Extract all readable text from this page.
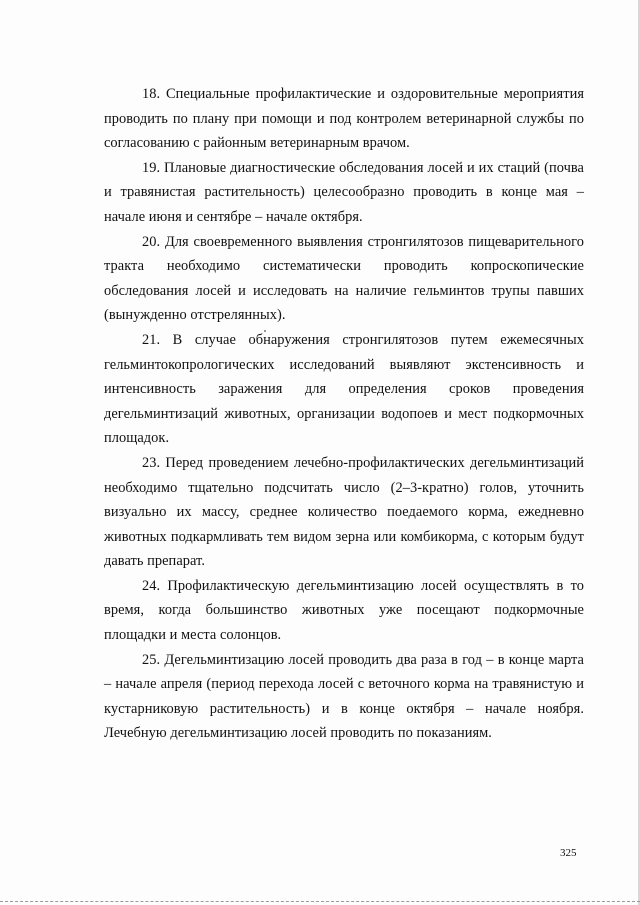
18. Специальные профилактические и оздоровительные мероприятия проводить по плану при помощи и под контролем ветеринарной службы по согласованию с районным ветеринарным врачом.

19. Плановые диагностические обследования лосей и их стаций (почва и травянистая растительность) целесообразно проводить в конце мая – начале июня и сентябре – начале октября.

20. Для своевременного выявления стронгилятозов пищеварительного тракта необходимо систематически проводить копроскопические обследования лосей и исследовать на наличие гельминтов трупы павших (вынужденно отстрелянных).

21. В случае обнаружения стронгилятозов путем ежемесячных гельминтокопрологических исследований выявляют экстенсивность и интенсивность заражения для определения сроков проведения дегельминтизаций животных, организации водопоев и мест подкормочных площадок.

23. Перед проведением лечебно-профилактических дегельминтизаций необходимо тщательно подсчитать число (2–3-кратно) голов, уточнить визуально их массу, среднее количество поедаемого корма, ежедневно животных подкармливать тем видом зерна или комбикорма, с которым будут давать препарат.

24. Профилактическую дегельминтизацию лосей осуществлять в то время, когда большинство животных уже посещают подкормочные площадки и места солонцов.

25. Дегельминтизацию лосей проводить два раза в год – в конце марта – начале апреля (период перехода лосей с веточного корма на травянистую и кустарниковую растительность) и в конце октября – начале ноября. Лечебную дегельминтизацию лосей проводить по показаниям.

325
